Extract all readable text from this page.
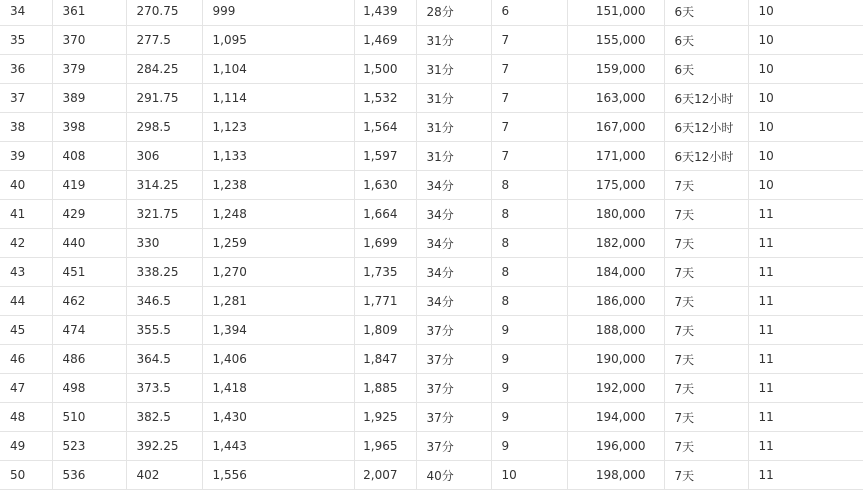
34	361	270.75	999	1,439	28分	6	151,000	6天	10
35	370	277.5	1,095	1,469	31分	7	155,000	6天	10
36	379	284.25	1,104	1,500	31分	7	159,000	6天	10
37	389	291.75	1,114	1,532	31分	7	163,000	6天12小时	10
38	398	298.5	1,123	1,564	31分	7	167,000	6天12小时	10
39	408	306	1,133	1,597	31分	7	171,000	6天12小时	10
40	419	314.25	1,238	1,630	34分	8	175,000	7天	10
41	429	321.75	1,248	1,664	34分	8	180,000	7天	11
42	440	330	1,259	1,699	34分	8	182,000	7天	11
43	451	338.25	1,270	1,735	34分	8	184,000	7天	11
44	462	346.5	1,281	1,771	34分	8	186,000	7天	11
45	474	355.5	1,394	1,809	37分	9	188,000	7天	11
46	486	364.5	1,406	1,847	37分	9	190,000	7天	11
47	498	373.5	1,418	1,885	37分	9	192,000	7天	11
48	510	382.5	1,430	1,925	37分	9	194,000	7天	11
49	523	392.25	1,443	1,965	37分	9	196,000	7天	11
50	536	402	1,556	2,007	40分	10	198,000	7天	11
